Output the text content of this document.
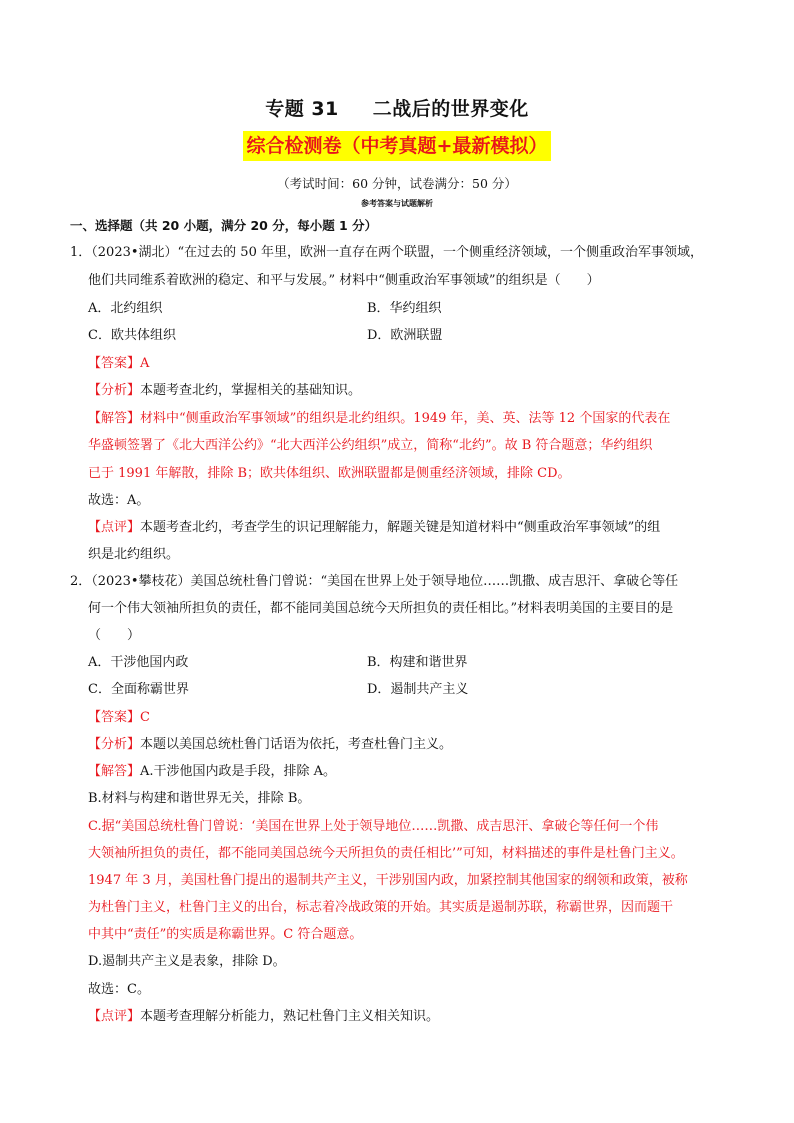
专题 31 二战后的世界变化
综合检测卷（中考真题+最新模拟）
（考试时间：60 分钟，试卷满分：50 分）
参考答案与试题解析
一、选择题（共 20 小题，满分 20 分，每小题 1 分）
1．（2023•湖北）“在过去的 50 年里，欧洲一直存在两个联盟，一个侧重经济领域，一个侧重政治军事领域，
他们共同维系着欧洲的稳定、和平与发展。” 材料中“侧重政治军事领域”的组织是（　　）
A．北约组织	B．华约组织
C．欧共体组织	D．欧洲联盟
【答案】A
【分析】本题考查北约，掌握相关的基础知识。
【解答】材料中“侧重政治军事领域”的组织是北约组织。1949 年，美、英、法等 12 个国家的代表在
华盛顿签署了《北大西洋公约》“北大西洋公约组织”成立，简称“北约”。故 B 符合题意；华约组织
已于 1991 年解散，排除 B；欧共体组织、欧洲联盟都是侧重经济领域，排除 CD。
故选：A。
【点评】本题考查北约，考查学生的识记理解能力，解题关键是知道材料中“侧重政治军事领域”的组
织是北约组织。
2．（2023•攀枝花）美国总统杜鲁门曾说：“美国在世界上处于领导地位……凯撒、成吉思汗、拿破仑等任
何一个伟大领袖所担负的责任，都不能同美国总统今天所担负的责任相比。”材料表明美国的主要目的是
（　　）
A．干涉他国内政	B．构建和谐世界
C．全面称霸世界	D．遏制共产主义
【答案】C
【分析】本题以美国总统杜鲁门话语为依托，考查杜鲁门主义。
【解答】A.干涉他国内政是手段，排除 A。
B.材料与构建和谐世界无关，排除 B。
C.据“美国总统杜鲁门曾说：‘美国在世界上处于领导地位……凯撒、成吉思汗、拿破仑等任何一个伟
大领袖所担负的责任，都不能同美国总统今天所担负的责任相比’”可知，材料描述的事件是杜鲁门主义。
1947 年 3 月，美国杜鲁门提出的遏制共产主义，干涉别国内政，加紧控制其他国家的纲领和政策，被称
为杜鲁门主义，杜鲁门主义的出台，标志着冷战政策的开始。其实质是遏制苏联，称霸世界，因而题干
中其中“责任”的实质是称霸世界。C 符合题意。
D.遏制共产主义是表象，排除 D。
故选：C。
【点评】本题考查理解分析能力，熟记杜鲁门主义相关知识。
